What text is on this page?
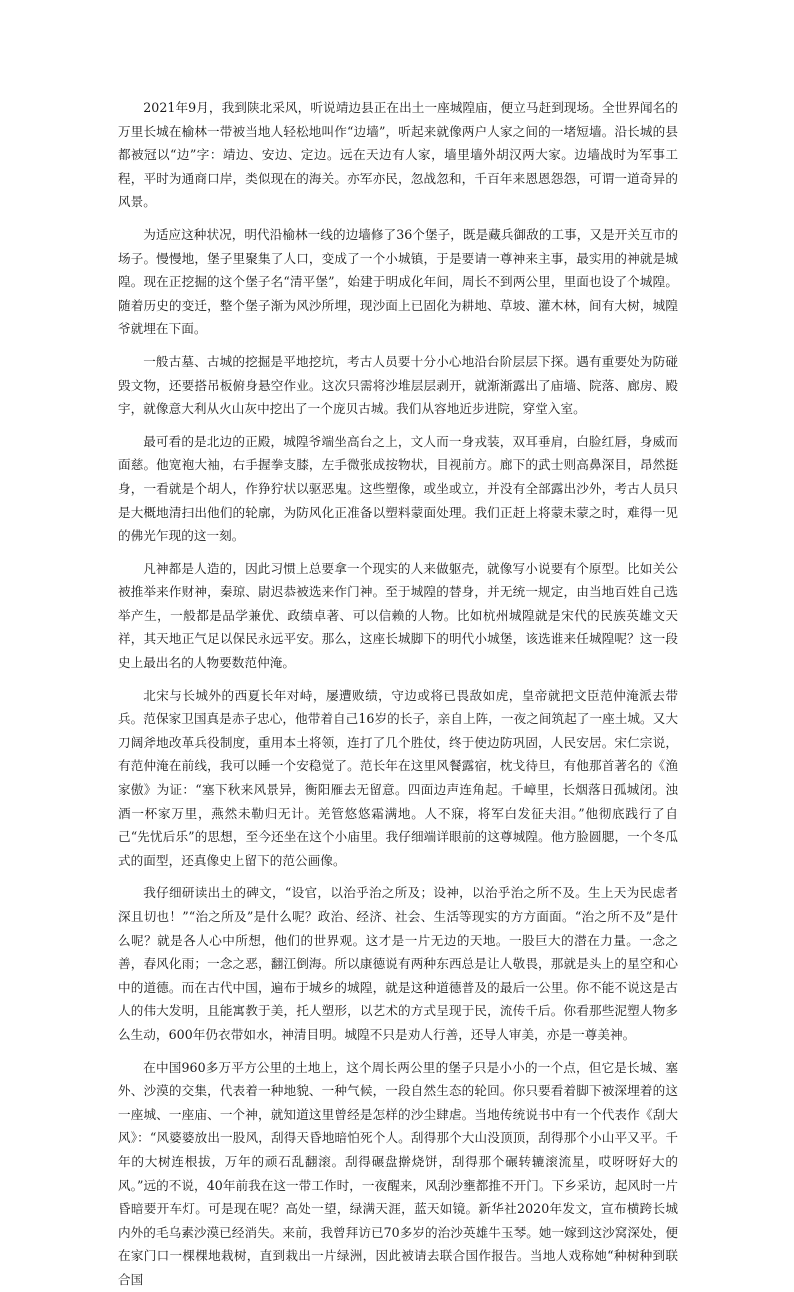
2021年9月，我到陕北采风，听说靖边县正在出土一座城隍庙，便立马赶到现场。全世界闻名的万里长城在榆林一带被当地人轻松地叫作“边墙”，听起来就像两户人家之间的一堵短墙。沿长城的县都被冠以“边”字：靖边、安边、定边。远在天边有人家，墙里墙外胡汉两大家。边墙战时为军事工程，平时为通商口岸，类似现在的海关。亦军亦民，忽战忽和，千百年来恩恩怨怨，可谓一道奇异的风景。

为适应这种状况，明代沿榆林一线的边墙修了36个堡子，既是藏兵御敌的工事，又是开关互市的场子。慢慢地，堡子里聚集了人口，变成了一个小城镇，于是要请一尊神来主事，最实用的神就是城隍。现在正挖掘的这个堡子名“清平堡”，始建于明成化年间，周长不到两公里，里面也设了个城隍。随着历史的变迁，整个堡子渐为风沙所埋，现沙面上已固化为耕地、草坡、灌木林，间有大树，城隍爷就埋在下面。

一般古墓、古城的挖掘是平地挖坑，考古人员要十分小心地沿台阶层层下探。遇有重要处为防碰毁文物，还要搭吊板俯身悬空作业。这次只需将沙堆层层剥开，就渐渐露出了庙墙、院落、廊房、殿宇，就像意大利从火山灰中挖出了一个庞贝古城。我们从容地近步进院，穿堂入室。

最可看的是北边的正殿，城隍爷端坐高台之上，文人而一身戎装，双耳垂肩，白脸红唇，身威而面慈。他宽袍大袖，右手握拳支膝，左手微张成按物状，目视前方。廊下的武士则高鼻深目，昂然挺身，一看就是个胡人，作狰狞状以驱恶鬼。这些塑像，或坐或立，并没有全部露出沙外，考古人员只是大概地清扫出他们的轮廓，为防风化正准备以塑料蒙面处理。我们正赶上将蒙未蒙之时，难得一见的佛光乍现的这一刻。

凡神都是人造的，因此习惯上总要拿一个现实的人来做躯壳，就像写小说要有个原型。比如关公被推举来作财神，秦琼、尉迟恭被选来作门神。至于城隍的替身，并无统一规定，由当地百姓自己选举产生，一般都是品学兼优、政绩卓著、可以信赖的人物。比如杭州城隍就是宋代的民族英雄文天祥，其天地正气足以保民永远平安。那么，这座长城脚下的明代小城堡，该选谁来任城隍呢？这一段史上最出名的人物要数范仲淹。

北宋与长城外的西夏长年对峙，屡遭败绩，守边或将已畏敌如虎，皇帝就把文臣范仲淹派去带兵。范保家卫国真是赤子忠心，他带着自己16岁的长子，亲自上阵，一夜之间筑起了一座土城。又大刀阔斧地改革兵役制度，重用本土将领，连打了几个胜仗，终于使边防巩固，人民安居。宋仁宗说，有范仲淹在前线，我可以睡一个安稳觉了。范长年在这里风餐露宿，枕戈待旦，有他那首著名的《渔家傲》为证：“塞下秋来风景异，衡阳雁去无留意。四面边声连角起。千嶂里，长烟落日孤城闭。浊酒一杯家万里，燕然未勒归无计。羌管悠悠霜满地。人不寐，将军白发征夫泪。”他彻底践行了自己“先忧后乐”的思想，至今还坐在这个小庙里。我仔细端详眼前的这尊城隍。他方脸圆腮，一个冬瓜式的面型，还真像史上留下的范公画像。

我仔细研读出土的碑文，“设官，以治乎治之所及；设神，以治乎治之所不及。生上天为民虑者深且切也！”“治之所及”是什么呢？政治、经济、社会、生活等现实的方方面面。“治之所不及”是什么呢？就是各人心中所想，他们的世界观。这才是一片无边的天地。一股巨大的潜在力量。一念之善，春风化雨；一念之恶，翻江倒海。所以康德说有两种东西总是让人敬畏，那就是头上的星空和心中的道德。而在古代中国，遍布于城乡的城隍，就是这种道德普及的最后一公里。你不能不说这是古人的伟大发明，且能寓教于美，托人塑形，以艺术的方式呈现于民，流传千后。你看那些泥塑人物多么生动，600年仍衣带如水，神清目明。城隍不只是劝人行善，还导人审美，亦是一尊美神。

在中国960多万平方公里的土地上，这个周长两公里的堡子只是小小的一个点，但它是长城、塞外、沙漠的交集，代表着一种地貌、一种气候，一段自然生态的轮回。你只要看着脚下被深埋着的这一座城、一座庙、一个神，就知道这里曾经是怎样的沙尘肆虐。当地传统说书中有一个代表作《刮大风》：“风婆婆放出一股风，刮得天昏地暗怕死个人。刮得那个大山没顶顶，刮得那个小山平又平。千年的大树连根拔，万年的顽石乱翻滚。刮得碾盘擀烧饼，刮得那个碾转辘滚流星，哎呀呀好大的风。”远的不说，40年前我在这一带工作时，一夜醒来，风刮沙壅都推不开门。下乡采访，起风时一片昏暗要开车灯。可是现在呢？高处一望，绿满天涯，蓝天如镜。新华社2020年发文，宣布横跨长城内外的毛乌素沙漠已经消失。来前，我曾拜访已70多岁的治沙英雄牛玉琴。她一嫁到这沙窝深处，便在家门口一棵棵地栽树，直到栽出一片绿洲，因此被请去联合国作报告。当地人戏称她“种树种到联合国
